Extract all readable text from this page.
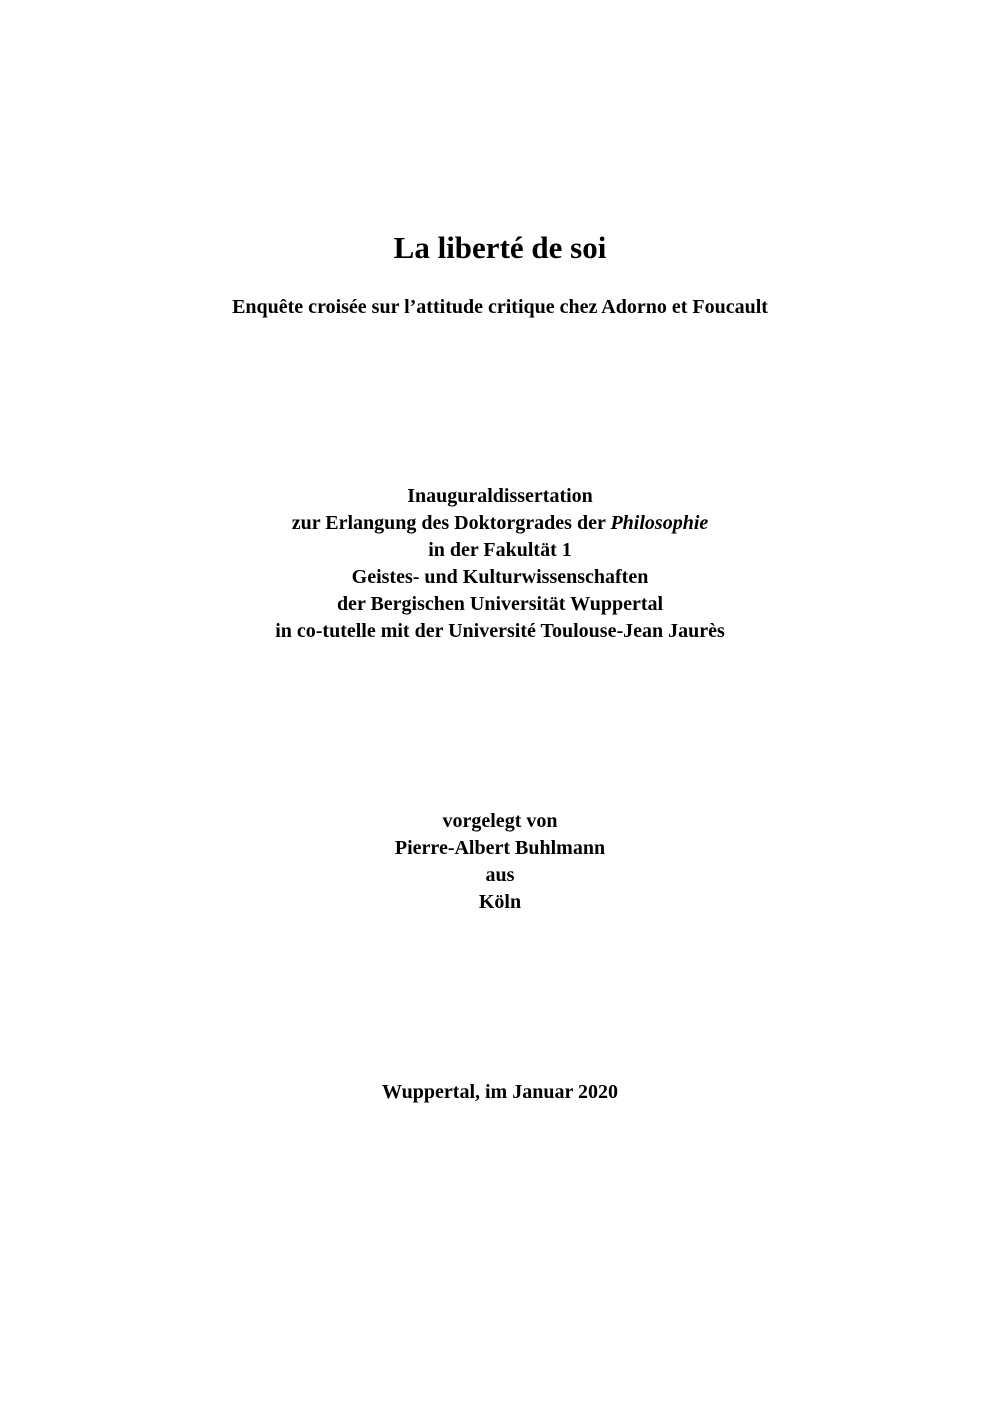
La liberté de soi

Enquête croisée sur l’attitude critique chez Adorno et Foucault

Inauguraldissertation
zur Erlangung des Doktorgrades der Philosophie
in der Fakultät 1
Geistes- und Kulturwissenschaften
der Bergischen Universität Wuppertal
in co-tutelle mit der Université Toulouse-Jean Jaurès
vorgelegt von
Pierre-Albert Buhlmann
aus
Köln

Wuppertal, im Januar 2020
